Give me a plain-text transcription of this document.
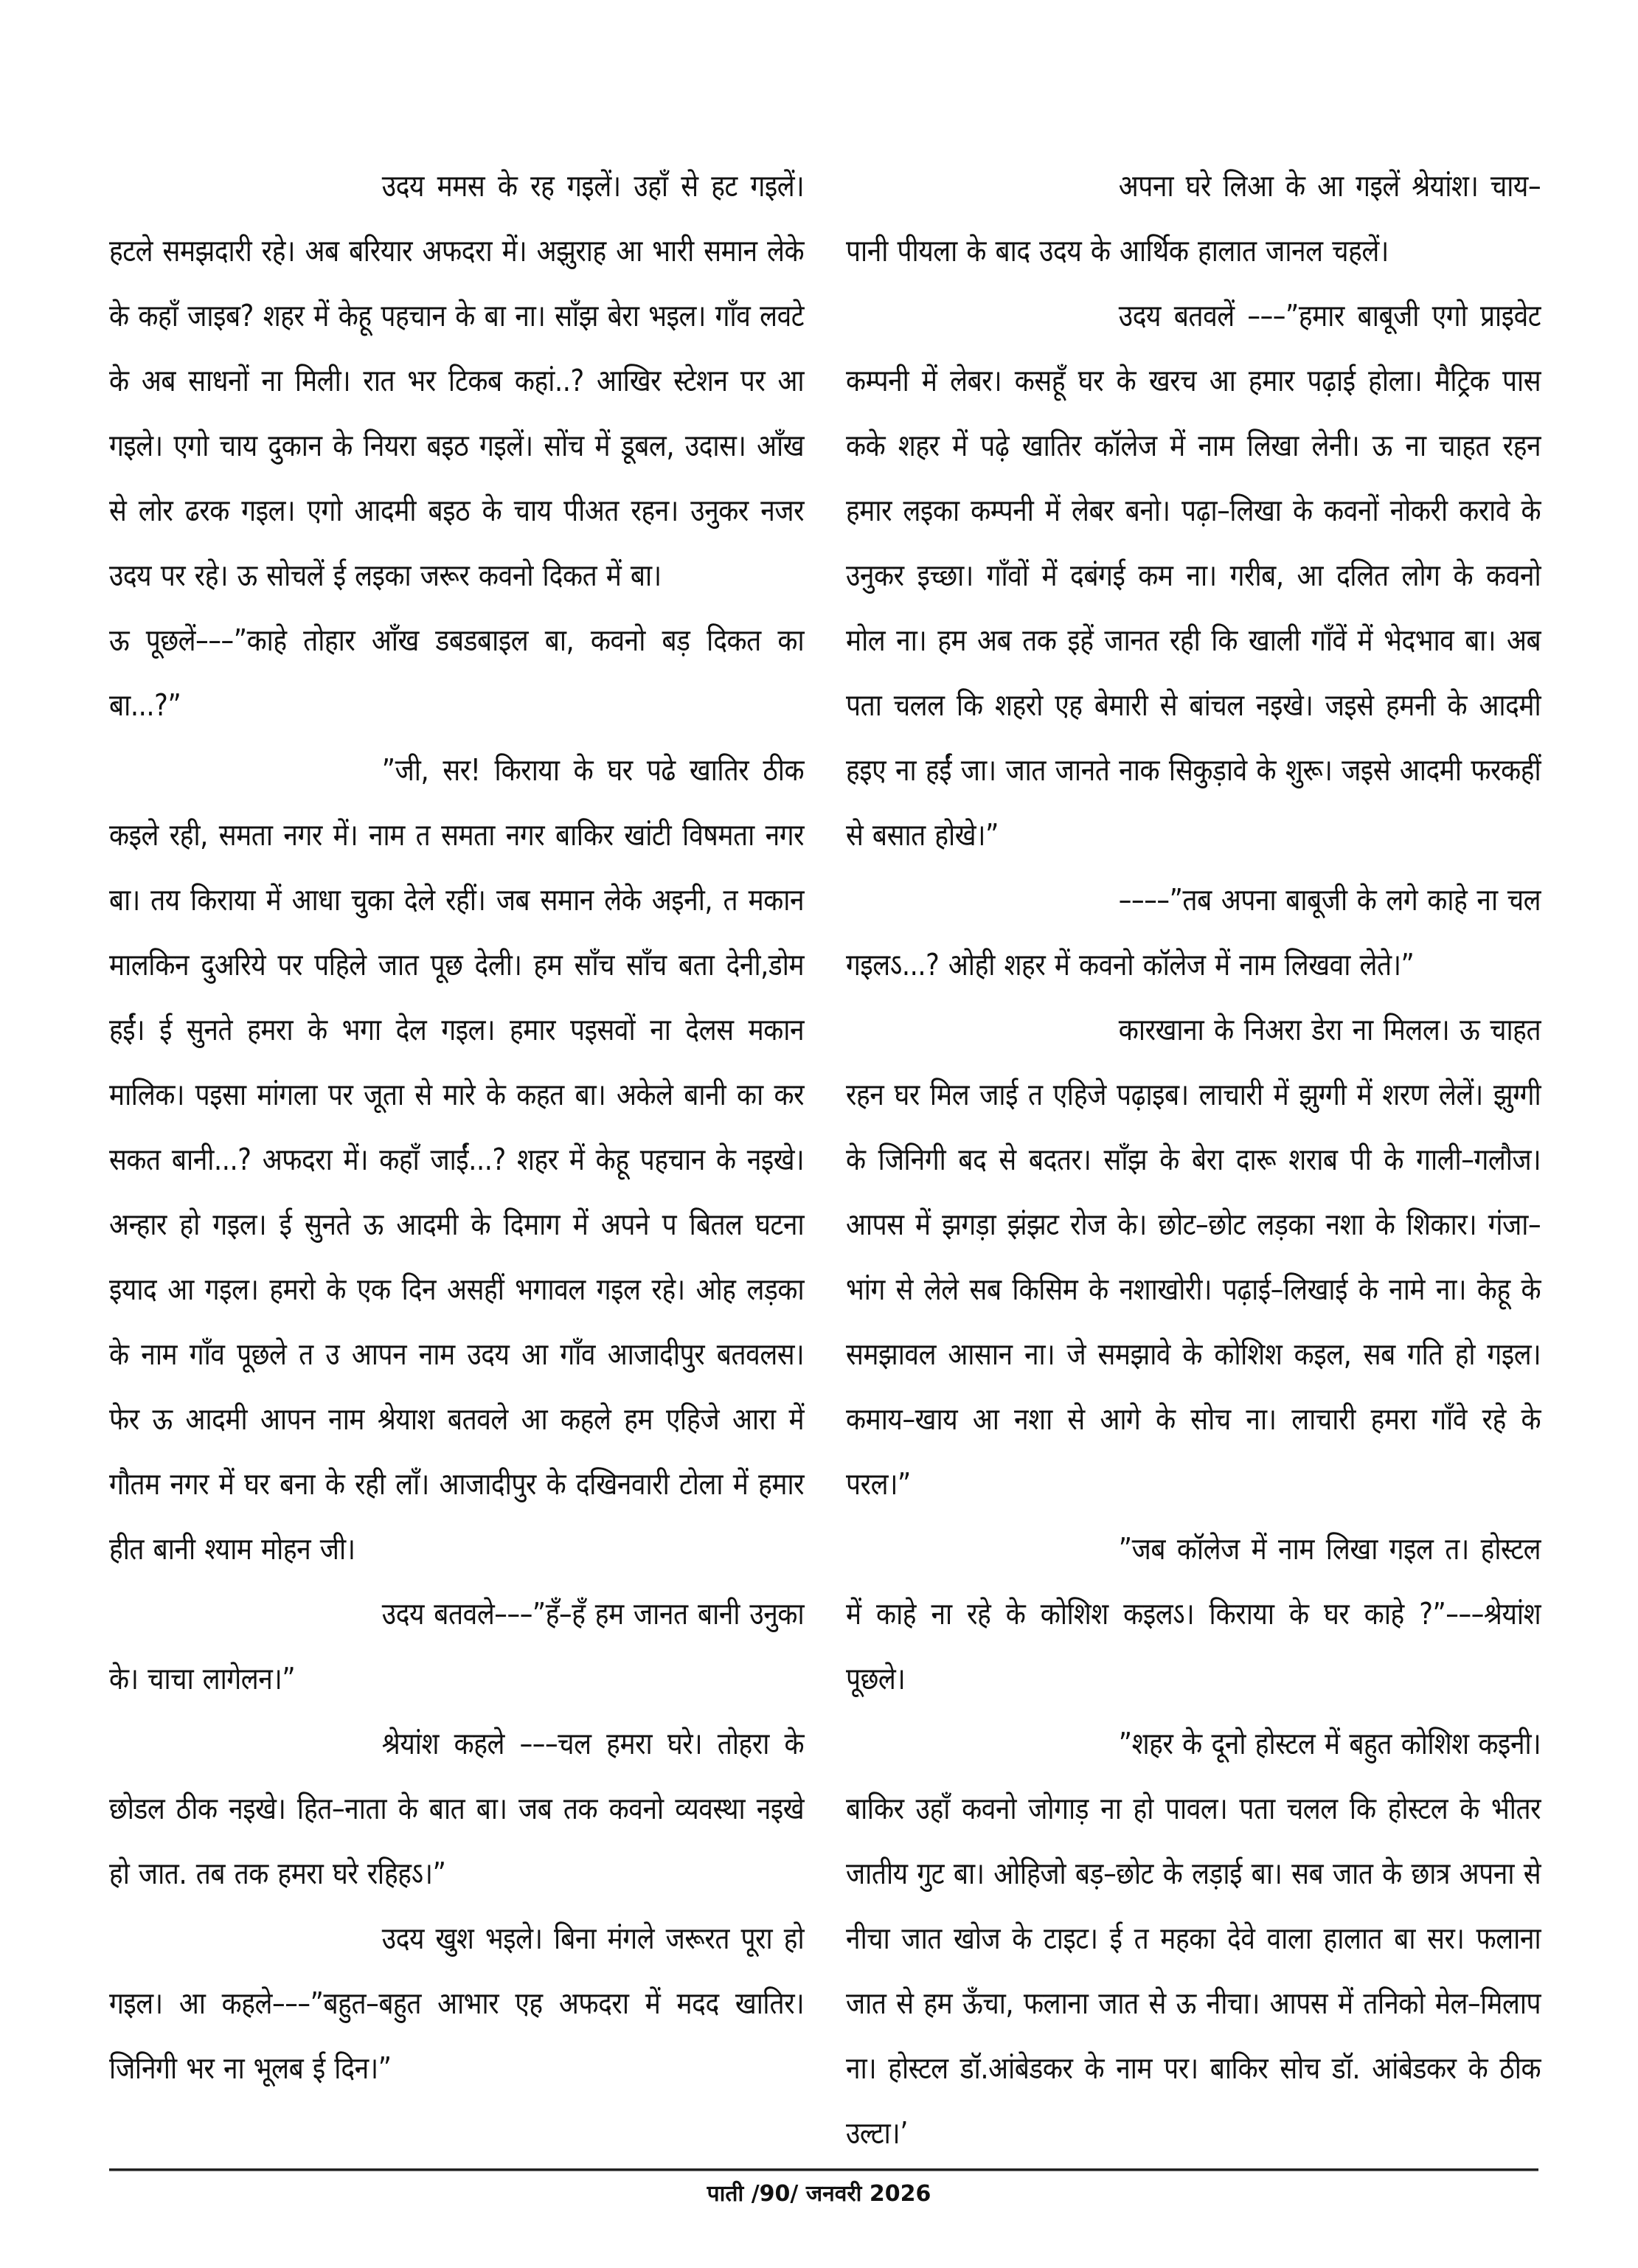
उदय ममस के रह गइलें। उहाँ से हट गइलें। हटले समझदारी रहे। अब बरियार अफदरा में। अझुराह आ भारी समान लेके के कहाँ जाइब? शहर में केहू पहचान के बा ना। साँझ बेरा भइल। गाँव लवटे के अब साधनों ना मिली। रात भर टिकब कहां..? आखिर स्टेशन पर आ गइले। एगो चाय दुकान के नियरा बइठ गइलें। सोंच में डूबल, उदास। आँख से लोर ढरक गइल। एगो आदमी बइठ के चाय पीअत रहन। उनुकर नजर उदय पर रहे। ऊ सोचलें ई लइका जरूर कवनो दिकत में बा।

ऊ पूछलें–––”काहे तोहार आँख डबडबाइल बा, कवनो बड़ दिकत का बा...?”

”जी, सर! किराया के घर पढे खातिर ठीक कइले रही, समता नगर में। नाम त समता नगर बाकिर खांटी विषमता नगर बा। तय किराया में आधा चुका देले रहीं। जब समान लेके अइनी, त मकान मालकिन दुअरिये पर पहिले जात पूछ देली। हम साँच साँच बता देनी,डोम हईं। ई सुनते हमरा के भगा देल गइल। हमार पइसवों ना देलस मकान मालिक। पइसा मांगला पर जूता से मारे के कहत बा। अकेले बानी का कर सकत बानी...? अफदरा में। कहाँ जाईं...? शहर में केहू पहचान के नइखे। अन्हार हो गइल। ई सुनते ऊ आदमी के दिमाग में अपने प बितल घटना इयाद आ गइल। हमरो के एक दिन असहीं भगावल गइल रहे। ओह लड़का के नाम गाँव पूछले त उ आपन नाम उदय आ गाँव आजादीपुर बतवलस। फेर ऊ आदमी आपन नाम श्रेयाश बतवले आ कहले हम एहिजे आरा में गौतम नगर में घर बना के रही लाँ। आजादीपुर के दखिनवारी टोला में हमार हीत बानी श्याम मोहन जी।

उदय बतवले–––”हँ–हँ हम जानत बानी उनुका के। चाचा लागेलन।”

श्रेयांश कहले –––चल हमरा घरे। तोहरा के छोडल ठीक नइखे। हित–नाता के बात बा। जब तक कवनो व्यवस्था नइखे हो जात. तब तक हमरा घरे रहिहऽ।”

उदय खुश भइले। बिना मंगले जरूरत पूरा हो गइल। आ कहले–––”बहुत–बहुत आभार एह अफदरा में मदद खातिर। जिनिगी भर ना भूलब ई दिन।”

अपना घरे लिआ के आ गइलें श्रेयांश। चाय–पानी पीयला के बाद उदय के आर्थिक हालात जानल चहलें।

उदय बतवलें –––”हमार बाबूजी एगो प्राइवेट कम्पनी में लेबर। कसहूँ घर के खरच आ हमार पढ़ाई होला। मैट्रिक पास कके शहर में पढ़े खातिर कॉलेज में नाम लिखा लेनी। ऊ ना चाहत रहन हमार लइका कम्पनी में लेबर बनो। पढ़ा–लिखा के कवनों नोकरी करावे के उनुकर इच्छा। गाँवों में दबंगई कम ना। गरीब, आ दलित लोग के कवनो मोल ना। हम अब तक इहें जानत रही कि खाली गाँवें में भेदभाव बा। अब पता चलल कि शहरो एह बेमारी से बांचल नइखे। जइसे हमनी के आदमी हइए ना हईं जा। जात जानते नाक सिकुड़ावे के शुरू। जइसे आदमी फरकहीं से बसात होखे।”

––––”तब अपना बाबूजी के लगे काहे ना चल गइलऽ...? ओही शहर में कवनो कॉलेज में नाम लिखवा लेते।”

कारखाना के निअरा डेरा ना मिलल। ऊ चाहत रहन घर मिल जाई त एहिजे पढ़ाइब। लाचारी में झुग्गी में शरण लेलें। झुग्गी के जिनिगी बद से बदतर। साँझ के बेरा दारू शराब पी के गाली–गलौज। आपस में झगड़ा झंझट रोज के। छोट–छोट लड़का नशा के शिकार। गंजा–भांग से लेले सब किसिम के नशाखोरी। पढ़ाई–लिखाई के नामे ना। केहू के समझावल आसान ना। जे समझावे के कोशिश कइल, सब गति हो गइल। कमाय–खाय आ नशा से आगे के सोच ना। लाचारी हमरा गाँवे रहे के परल।”

”जब कॉलेज में नाम लिखा गइल त। होस्टल में काहे ना रहे के कोशिश कइलऽ। किराया के घर काहे ?”–––श्रेयांश पूछले।

”शहर के दूनो होस्टल में बहुत कोशिश कइनी। बाकिर उहाँ कवनो जोगाड़ ना हो पावल। पता चलल कि होस्टल के भीतर जातीय गुट बा। ओहिजो बड़–छोट के लड़ाई बा। सब जात के छात्र अपना से नीचा जात खोज के टाइट। ई त महका देवे वाला हालात बा सर। फलाना जात से हम ऊँचा, फलाना जात से ऊ नीचा। आपस में तनिको मेल–मिलाप ना। होस्टल डॉ.आंबेडकर के नाम पर। बाकिर सोच डॉ. आंबेडकर के ठीक उल्टा।’

पाती /90/ जनवरी 2026
